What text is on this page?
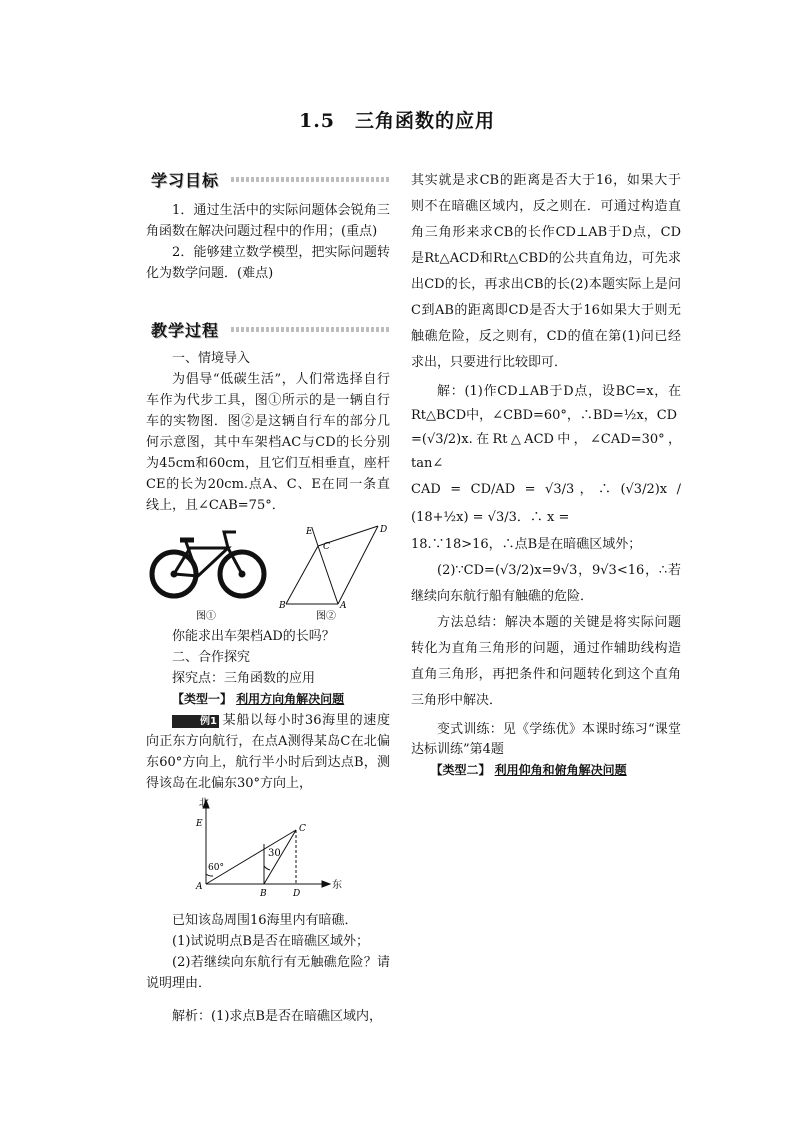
1.5　三角函数的应用
学习目标

1．通过生活中的实际问题体会锐角三角函数在解决问题过程中的作用；(重点)

2．能够建立数学模型，把实际问题转化为数学问题．(难点)

教学过程

一、情境导入

为倡导“低碳生活”，人们常选择自行车作为代步工具，图①所示的是一辆自行车的实物图．图②是这辆自行车的部分几何示意图，其中车架档AC与CD的长分别为45cm和60cm，且它们互相垂直，座杆CE的长为20cm.点A、C、E在同一条直线上，且∠CAB=75°．

图①
E
C
D
B	A
图②

你能求出车架档AD的长吗？

二、合作探究

探究点：三角函数的应用

【类型一】 利用方向角解决问题

例1 某船以每小时36海里的速度向正东方向航行，在点A测得某岛C在北偏东60°方向上，航行半小时后到达点B，测得该岛在北偏东30°方向上，

北
东
E
A
B
C
D
60°
30

已知该岛周围16海里内有暗礁．

(1)试说明点B是否在暗礁区域外；

(2)若继续向东航行有无触礁危险？请说明理由．

解析：(1)求点B是否在暗礁区域内，

其实就是求CB的距离是否大于16，如果大于则不在暗礁区域内，反之则在．可通过构造直角三角形来求CB的长作CD⊥AB于D点，CD是Rt△ACD和Rt△CBD的公共直角边，可先求出CD的长，再求出CB的长(2)本题实际上是问C到AB的距离即CD是否大于16如果大于则无触礁危险，反之则有，CD的值在第(1)问已经求出，只要进行比较即可．

解：(1)作CD⊥AB于D点，设BC=x，在Rt△BCD中，∠CBD=60°，∴BD=½x，CD

=(√3/2)x.在Rt△ACD中，∠CAD=30°，tan∠

CAD = CD/AD = √3/3，∴ (√3/2)x / (18+½x) = √3/3．∴ x =

18.∵18>16，∴点B是在暗礁区域外；

(2)∵CD=(√3/2)x=9√3，9√3<16，∴若继续向东航行船有触礁的危险．

方法总结：解决本题的关键是将实际问题转化为直角三角形的问题，通过作辅助线构造直角三角形，再把条件和问题转化到这个直角三角形中解决．

变式训练：见《学练优》本课时练习“课堂达标训练”第4题

【类型二】 利用仰角和俯角解决问题
